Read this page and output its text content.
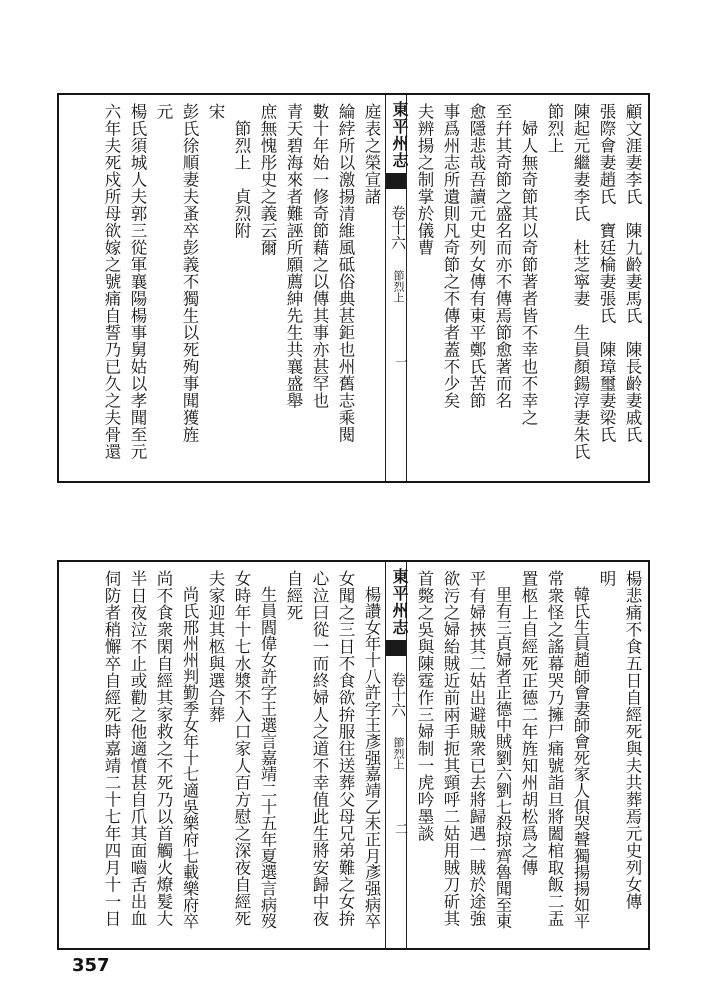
顧文涯妻李氏　陳九齡妻馬氏　陳長齡妻戚氏
張際會妻趙氏　寶廷棆妻張氏　陳璋璽妻梁氏
陳起元繼妻李氏　杜芝寧妻　生員顏鍚淳妻朱氏
節烈上
　婦人無奇節其以奇節著者皆不幸也不幸之
至幷其奇節之盛名而亦不傳焉節愈著而名
愈隱悲哉吾讀元史列女傳有東平鄭氏苦節
事爲州志所遺則凡奇節之不傳者蓋不少矣
夫辨揚之制掌於儀曹
東平州志
卷十六
節烈上
一
庭表之榮宣諸
綸綍所以激揚清維風砥俗典甚鉅也州舊志乘閱
數十年始一修奇節藉之以傳其事亦甚罕也
青天碧海來者難誣所願薦紳先生共襄盛舉
庶無愧彤史之義云爾
　節烈上　貞烈附
宋
彭氏徐順妻夫蚤卒彭義不獨生以死殉事聞獲旌
元
楊氏須城人夫郭三從軍襄陽楊事舅姑以孝聞至元
六年夫死戍所母欲嫁之號痛自誓乃已久之夫骨還
楊悲痛不食五日自經死與夫共葬焉元史列女傳
明
　韓氏生員趙師會妻師會死家人俱哭聲獨揚揚如平
常衆怪之謠幕哭乃擁尸痛號詣旦將闔棺取飯二盂
置柩上自經死正德二年旌知州胡松爲之傳
　里有三貞婦者正德中賊劉六劉七殺掠齊魯聞至東
平有婦挾其二姑出避賊衆已去將歸遇一賊於途強
欲污之婦紿賊近前兩手扼其頸呼二姑用賊刀斫其
首斃之吳與陳霆作三婦制一虎吟墨談
東平州志
卷十六
節烈上
二
　楊讚女年十八許字王彥强嘉靖乙未正月彥强病卒
女聞之三日不食欲拚服往送葬父母兄弟難之女拚
心泣曰從一而終婦人之道不幸值此生將安歸中夜
自經死
　生員閻偉女許字王選言嘉靖二十五年夏選言病歿
女時年十七水漿不入口家人百方慰之深夜自經死
夫家迎其柩與選合葬
　尚氏邢州州判勤季女年十七適吳樂府七載樂府卒
尚不食衆閑自經其家救之不死乃以首觸火燎髮大
半日夜泣不止或勸之他適憤甚自爪其面嚙舌出血
伺防者稍懈卒自經死時嘉靖二十七年四月十一日
357
